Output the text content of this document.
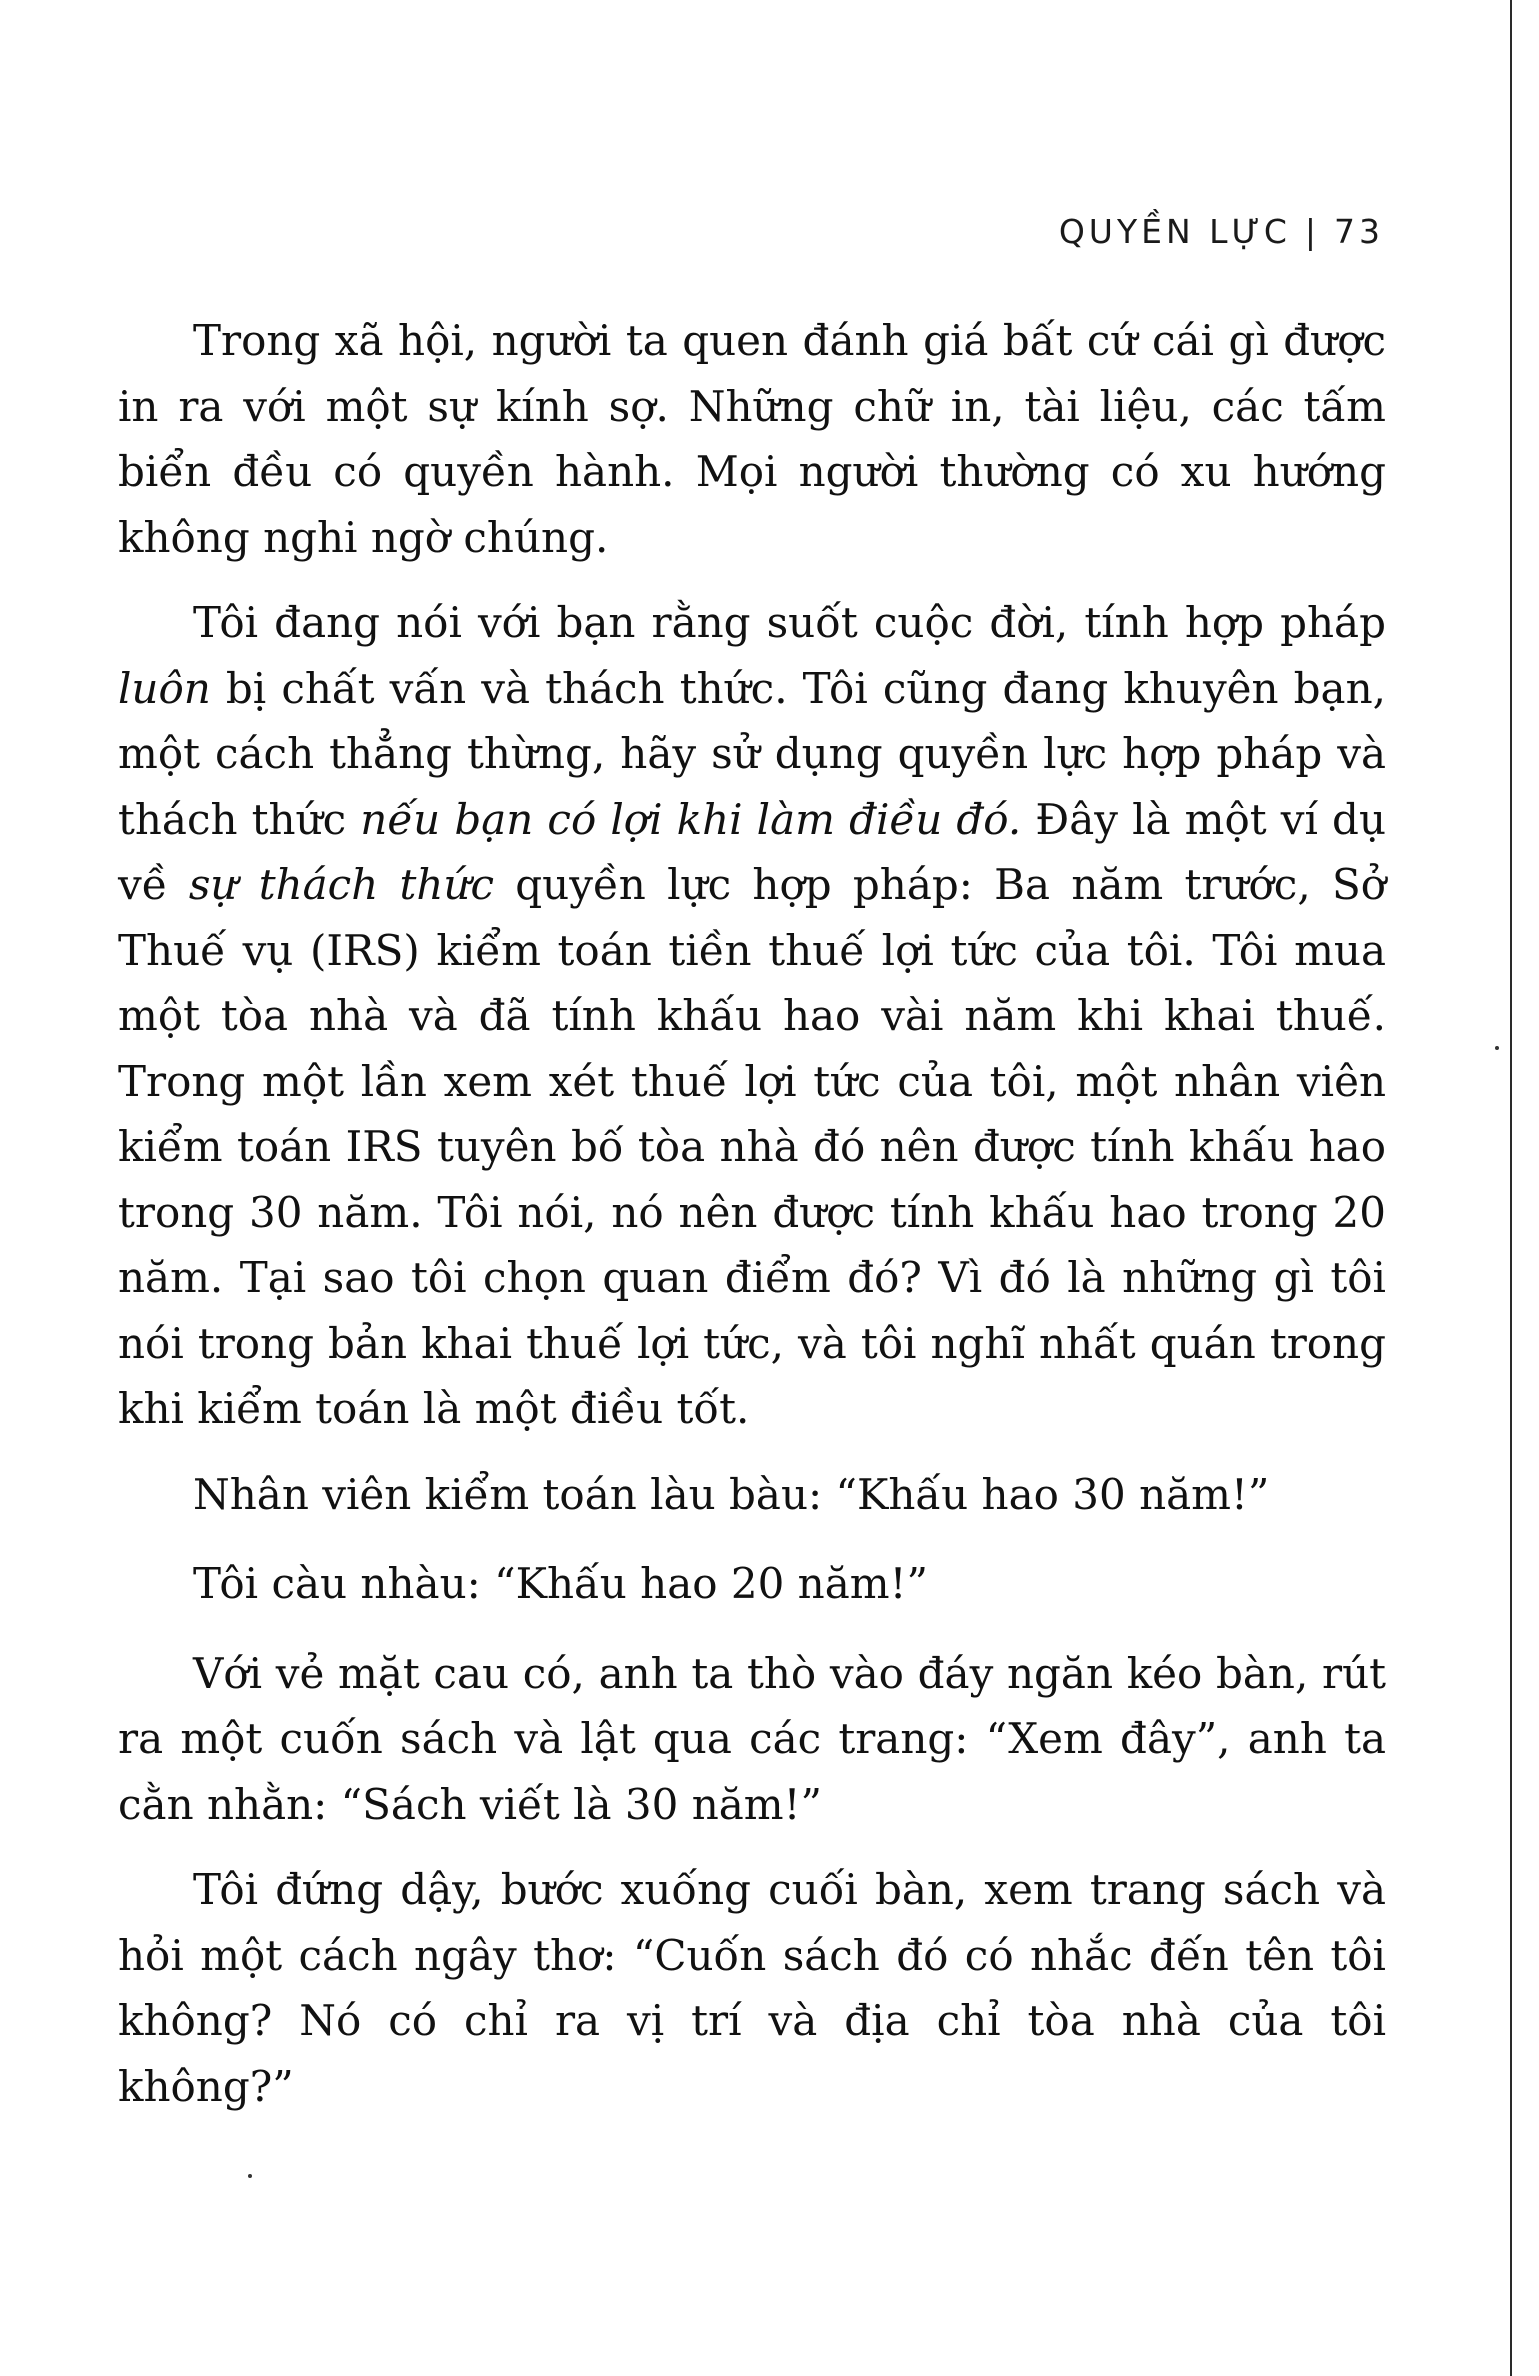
QUYỀN LỰC | 73

Trong xã hội, người ta quen đánh giá bất cứ cái gì được in ra với một sự kính sợ. Những chữ in, tài liệu, các tấm biển đều có quyền hành. Mọi người thường có xu hướng không nghi ngờ chúng.

Tôi đang nói với bạn rằng suốt cuộc đời, tính hợp pháp luôn bị chất vấn và thách thức. Tôi cũng đang khuyên bạn, một cách thẳng thừng, hãy sử dụng quyền lực hợp pháp và thách thức nếu bạn có lợi khi làm điều đó. Đây là một ví dụ về sự thách thức quyền lực hợp pháp: Ba năm trước, Sở Thuế vụ (IRS) kiểm toán tiền thuế lợi tức của tôi. Tôi mua một tòa nhà và đã tính khấu hao vài năm khi khai thuế. Trong một lần xem xét thuế lợi tức của tôi, một nhân viên kiểm toán IRS tuyên bố tòa nhà đó nên được tính khấu hao trong 30 năm. Tôi nói, nó nên được tính khấu hao trong 20 năm. Tại sao tôi chọn quan điểm đó? Vì đó là những gì tôi nói trong bản khai thuế lợi tức, và tôi nghĩ nhất quán trong khi kiểm toán là một điều tốt.

Nhân viên kiểm toán làu bàu: “Khấu hao 30 năm!”

Tôi càu nhàu: “Khấu hao 20 năm!”

Với vẻ mặt cau có, anh ta thò vào đáy ngăn kéo bàn, rút ra một cuốn sách và lật qua các trang: “Xem đây”, anh ta cằn nhằn: “Sách viết là 30 năm!”

Tôi đứng dậy, bước xuống cuối bàn, xem trang sách và hỏi một cách ngây thơ: “Cuốn sách đó có nhắc đến tên tôi không? Nó có chỉ ra vị trí và địa chỉ tòa nhà của tôi không?”
